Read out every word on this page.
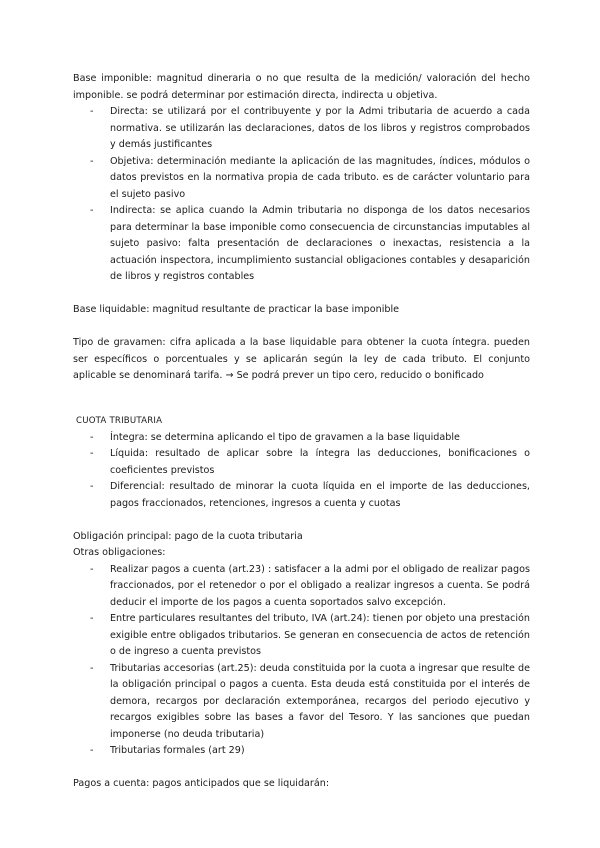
Base imponible: magnitud dineraria o no que resulta de la medición/ valoración del hecho imponible. se podrá determinar por estimación directa, indirecta u objetiva.

- Directa: se utilizará por el contribuyente y por la Admi tributaria de acuerdo a cada normativa. se utilizarán las declaraciones, datos de los libros y registros comprobados y demás justificantes
- Objetiva: determinación mediante la aplicación de las magnitudes, índices, módulos o datos previstos en la normativa propia de cada tributo. es de carácter voluntario para el sujeto pasivo
- Indirecta: se aplica cuando la Admin tributaria no disponga de los datos necesarios para determinar la base imponible como consecuencia de circunstancias imputables al sujeto pasivo: falta presentación de declaraciones o inexactas, resistencia a la actuación inspectora, incumplimiento sustancial obligaciones contables y desaparición de libros y registros contables

Base liquidable: magnitud resultante de practicar la base imponible

Tipo de gravamen: cifra aplicada a la base liquidable para obtener la cuota íntegra. pueden ser específicos o porcentuales y se aplicarán según la ley de cada tributo. El conjunto aplicable se denominará tarifa. → Se podrá prever un tipo cero, reducido o bonificado

CUOTA TRIBUTARIA

- Íntegra: se determina aplicando el tipo de gravamen a la base liquidable
- Líquida: resultado de aplicar sobre la íntegra las deducciones, bonificaciones o coeficientes previstos
- Diferencial: resultado de minorar la cuota líquida en el importe de las deducciones, pagos fraccionados, retenciones, ingresos a cuenta y cuotas

Obligación principal: pago de la cuota tributaria

Otras obligaciones:

- Realizar pagos a cuenta (art.23) : satisfacer a la admi por el obligado de realizar pagos fraccionados, por el retenedor o por el obligado a realizar ingresos a cuenta. Se podrá deducir el importe de los pagos a cuenta soportados salvo excepción.
- Entre particulares resultantes del tributo, IVA (art.24): tienen por objeto una prestación exigible entre obligados tributarios. Se generan en consecuencia de actos de retención o de ingreso a cuenta previstos
- Tributarias accesorias (art.25): deuda constituida por la cuota a ingresar que resulte de la obligación principal o pagos a cuenta. Esta deuda está constituida por el interés de demora, recargos por declaración extemporánea, recargos del periodo ejecutivo y recargos exigibles sobre las bases a favor del Tesoro. Y las sanciones que puedan imponerse (no deuda tributaria)
- Tributarias formales (art 29)

Pagos a cuenta: pagos anticipados que se liquidarán:
